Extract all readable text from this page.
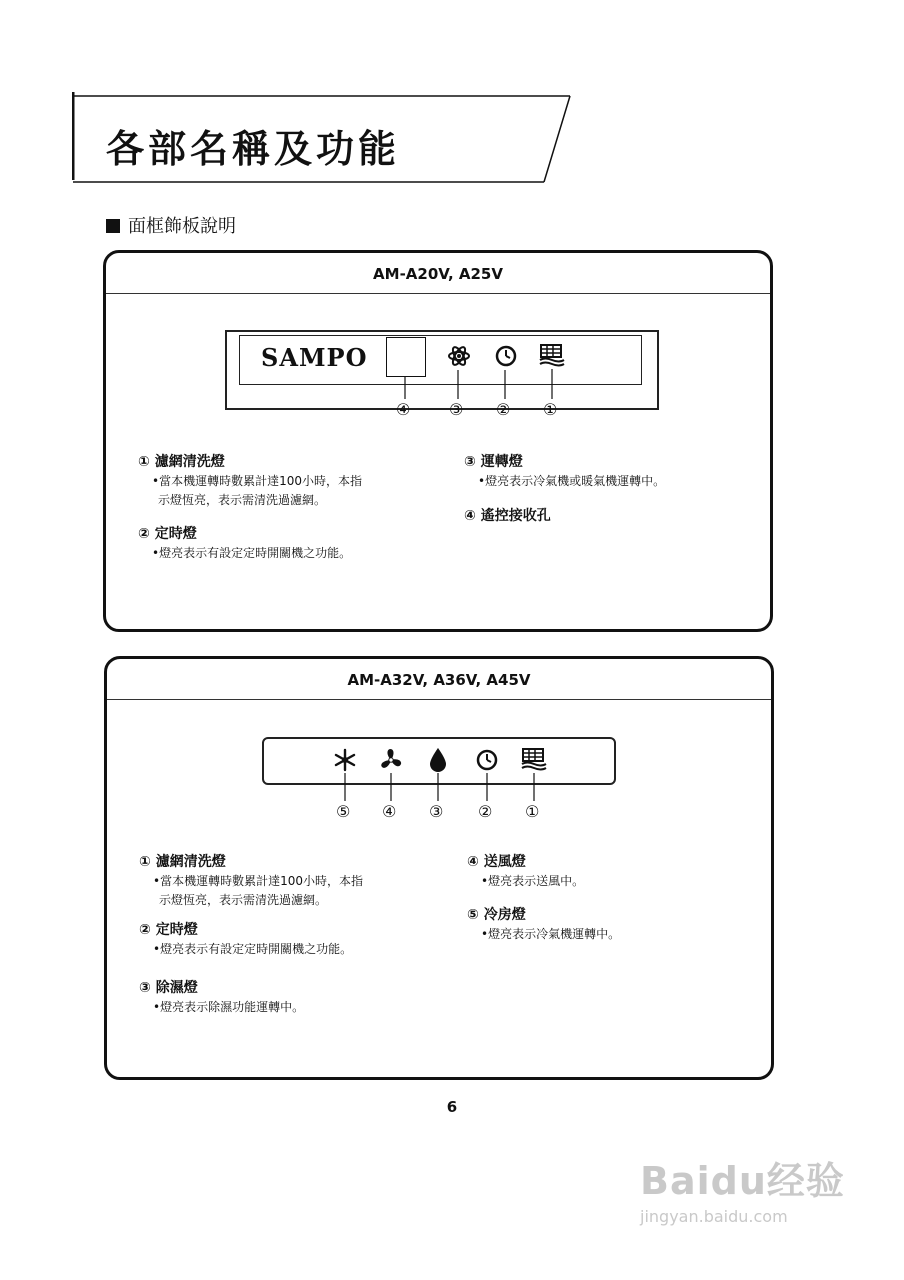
各部名稱及功能
面框飾板說明
AM-A20V, A25V
SAMPO
④ ③ ② ①
① 濾網清洗燈
•當本機運轉時數累計達100小時，本指
示燈恆亮，表示需清洗過濾網。
② 定時燈
•燈亮表示有設定定時開關機之功能。
③ 運轉燈
•燈亮表示冷氣機或暖氣機運轉中。
④ 遙控接收孔
AM-A32V, A36V, A45V
⑤ ④ ③ ② ①
① 濾網清洗燈
•當本機運轉時數累計達100小時，本指
示燈恆亮，表示需清洗過濾網。
② 定時燈
•燈亮表示有設定定時開關機之功能。
③ 除濕燈
•燈亮表示除濕功能運轉中。
④ 送風燈
•燈亮表示送風中。
⑤ 冷房燈
•燈亮表示冷氣機運轉中。
6
Baidu经验
jingyan.baidu.com
